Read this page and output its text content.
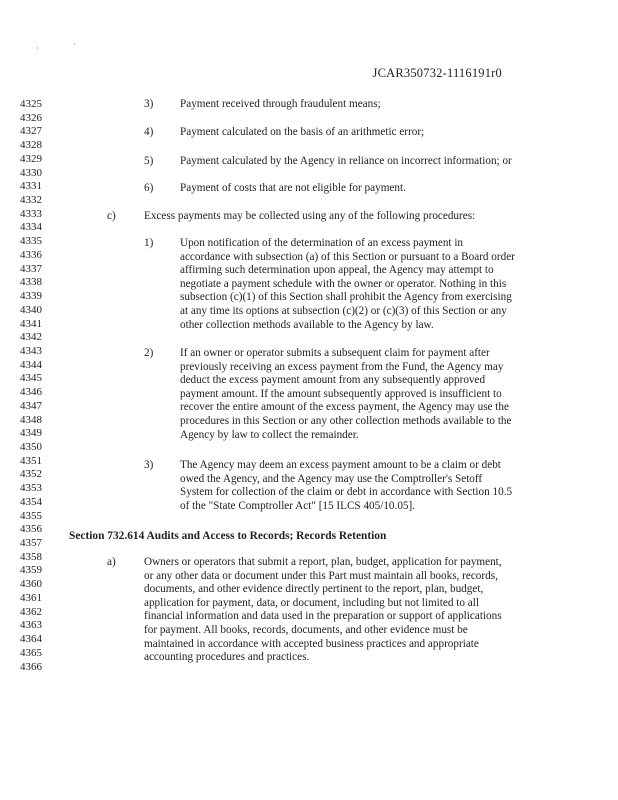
·	·
JCAR350732-1116191r0
4325
4326
4327
4328
4329
4330
4331
4332
4333
4334
4335
4336
4337
4338
4339
4340
4341
4342
4343
4344
4345
4346
4347
4348
4349
4350
4351
4352
4353
4354
4355
4356
4357
4358
4359
4360
4361
4362
4363
4364
4365
4366
3) Payment received through fraudulent means;
4) Payment calculated on the basis of an arithmetic error;
5) Payment calculated by the Agency in reliance on incorrect information; or
6) Payment of costs that are not eligible for payment.
c)	Excess payments may be collected using any of the following procedures:
1) Upon notification of the determination of an excess payment in
accordance with subsection (a) of this Section or pursuant to a Board order
affirming such determination upon appeal, the Agency may attempt to
negotiate a payment schedule with the owner or operator. Nothing in this
subsection (c)(1) of this Section shall prohibit the Agency from exercising
at any time its options at subsection (c)(2) or (c)(3) of this Section or any
other collection methods available to the Agency by law.
2) If an owner or operator submits a subsequent claim for payment after
previously receiving an excess payment from the Fund, the Agency may
deduct the excess payment amount from any subsequently approved
payment amount. If the amount subsequently approved is insufficient to
recover the entire amount of the excess payment, the Agency may use the
procedures in this Section or any other collection methods available to the
Agency by law to collect the remainder.
3) The Agency may deem an excess payment amount to be a claim or debt
owed the Agency, and the Agency may use the Comptroller's Setoff
System for collection of the claim or debt in accordance with Section 10.5
of the "State Comptroller Act" [15 ILCS 405/10.05].
Section 732.614 Audits and Access to Records; Records Retention
a)	Owners or operators that submit a report, plan, budget, application for payment,
or any other data or document under this Part must maintain all books, records,
documents, and other evidence directly pertinent to the report, plan, budget,
application for payment, data, or document, including but not limited to all
financial information and data used in the preparation or support of applications
for payment. All books, records, documents, and other evidence must be
maintained in accordance with accepted business practices and appropriate
accounting procedures and practices.
